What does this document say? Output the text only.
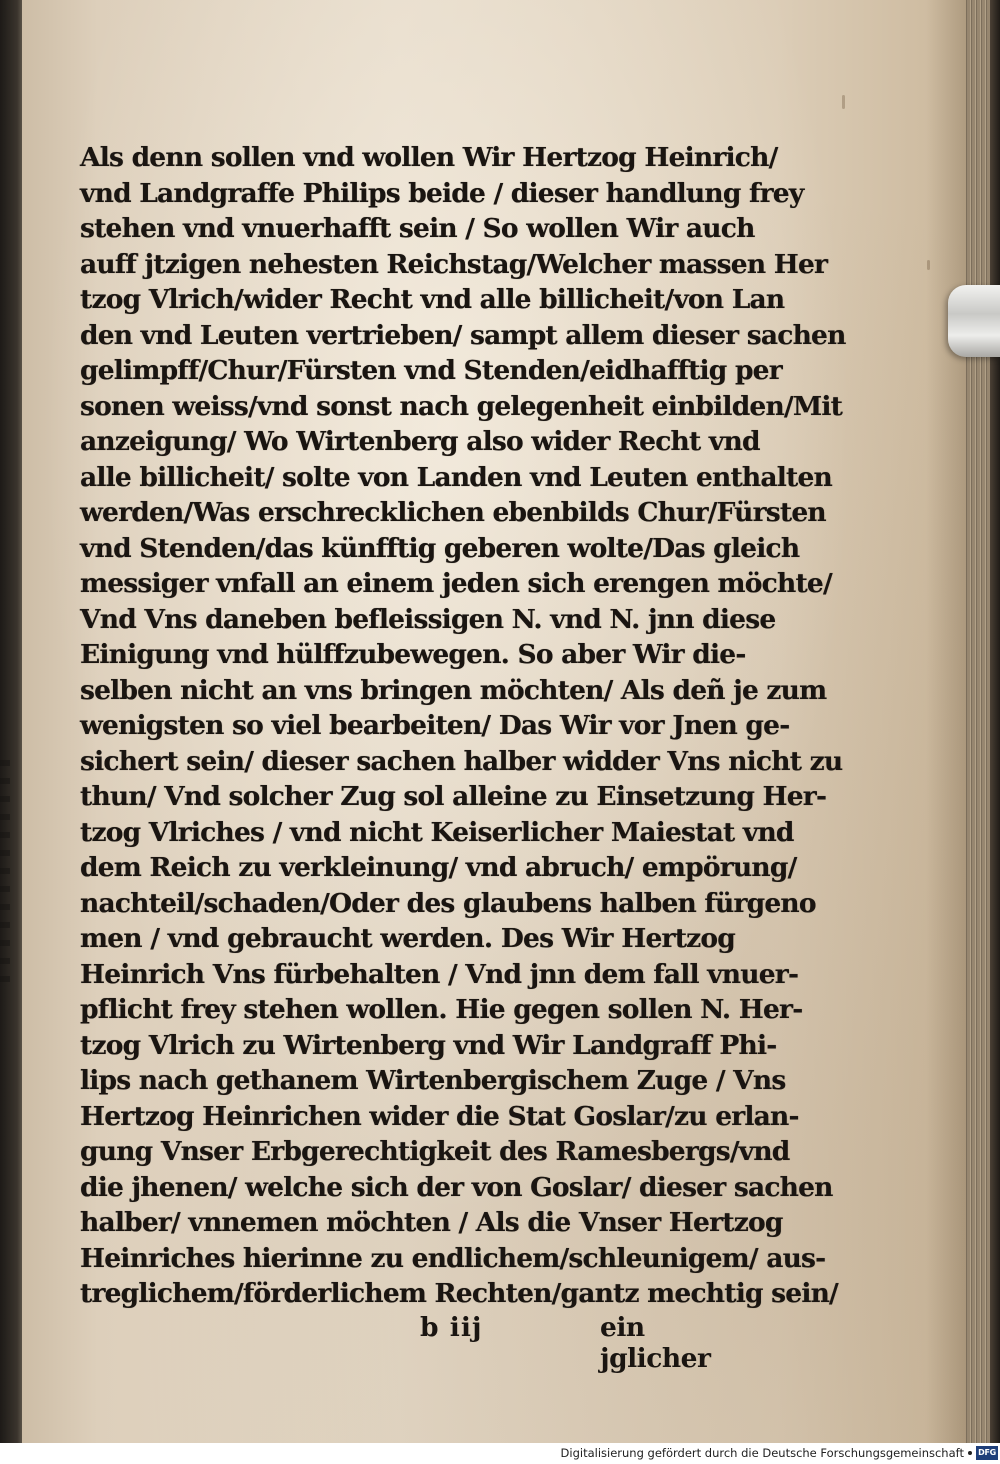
Als denn sollen vnd wollen Wir Hertzog Heinrich/
vnd Landgraffe Philips beide / dieser handlung frey
stehen vnd vnuerhafft sein / So wollen Wir auch
auff jtzigen nehesten Reichstag/Welcher massen Her
tzog Vlrich/wider Recht vnd alle billicheit/von Lan
den vnd Leuten vertrieben/ sampt allem dieser sachen
gelimpff/Chur/Fürsten vnd Stenden/eidhafftig per
sonen weiss/vnd sonst nach gelegenheit einbilden/Mit
anzeigung/ Wo Wirtenberg also wider Recht vnd
alle billicheit/ solte von Landen vnd Leuten enthalten
werden/Was erschrecklichen ebenbilds Chur/Fürsten
vnd Stenden/das künfftig geberen wolte/Das gleich
messiger vnfall an einem jeden sich erengen möchte/
Vnd Vns daneben befleissigen N. vnd N. jnn diese
Einigung vnd hülffzubewegen. So aber Wir die-
selben nicht an vns bringen möchten/ Als deñ je zum
wenigsten so viel bearbeiten/ Das Wir vor Jnen ge-
sichert sein/ dieser sachen halber widder Vns nicht zu
thun/ Vnd solcher Zug sol alleine zu Einsetzung Her-
tzog Vlriches / vnd nicht Keiserlicher Maiestat vnd
dem Reich zu verkleinung/ vnd abruch/ empörung/
nachteil/schaden/Oder des glaubens halben fürgeno
men / vnd gebraucht werden. Des Wir Hertzog
Heinrich Vns fürbehalten / Vnd jnn dem fall vnuer-
pflicht frey stehen wollen. Hie gegen sollen N. Her-
tzog Vlrich zu Wirtenberg vnd Wir Landgraff Phi-
lips nach gethanem Wirtenbergischem Zuge / Vns
Hertzog Heinrichen wider die Stat Goslar/zu erlan-
gung Vnser Erbgerechtigkeit des Ramesbergs/vnd
die jhenen/ welche sich der von Goslar/ dieser sachen
halber/ vnnemen möchten / Als die Vnser Hertzog
Heinriches hierinne zu endlichem/schleunigem/ aus-
treglichem/förderlichem Rechten/gantz mechtig sein/
b iij	ein jglicher
Digitalisierung gefördert durch die Deutsche Forschungsgemeinschaft DFG
